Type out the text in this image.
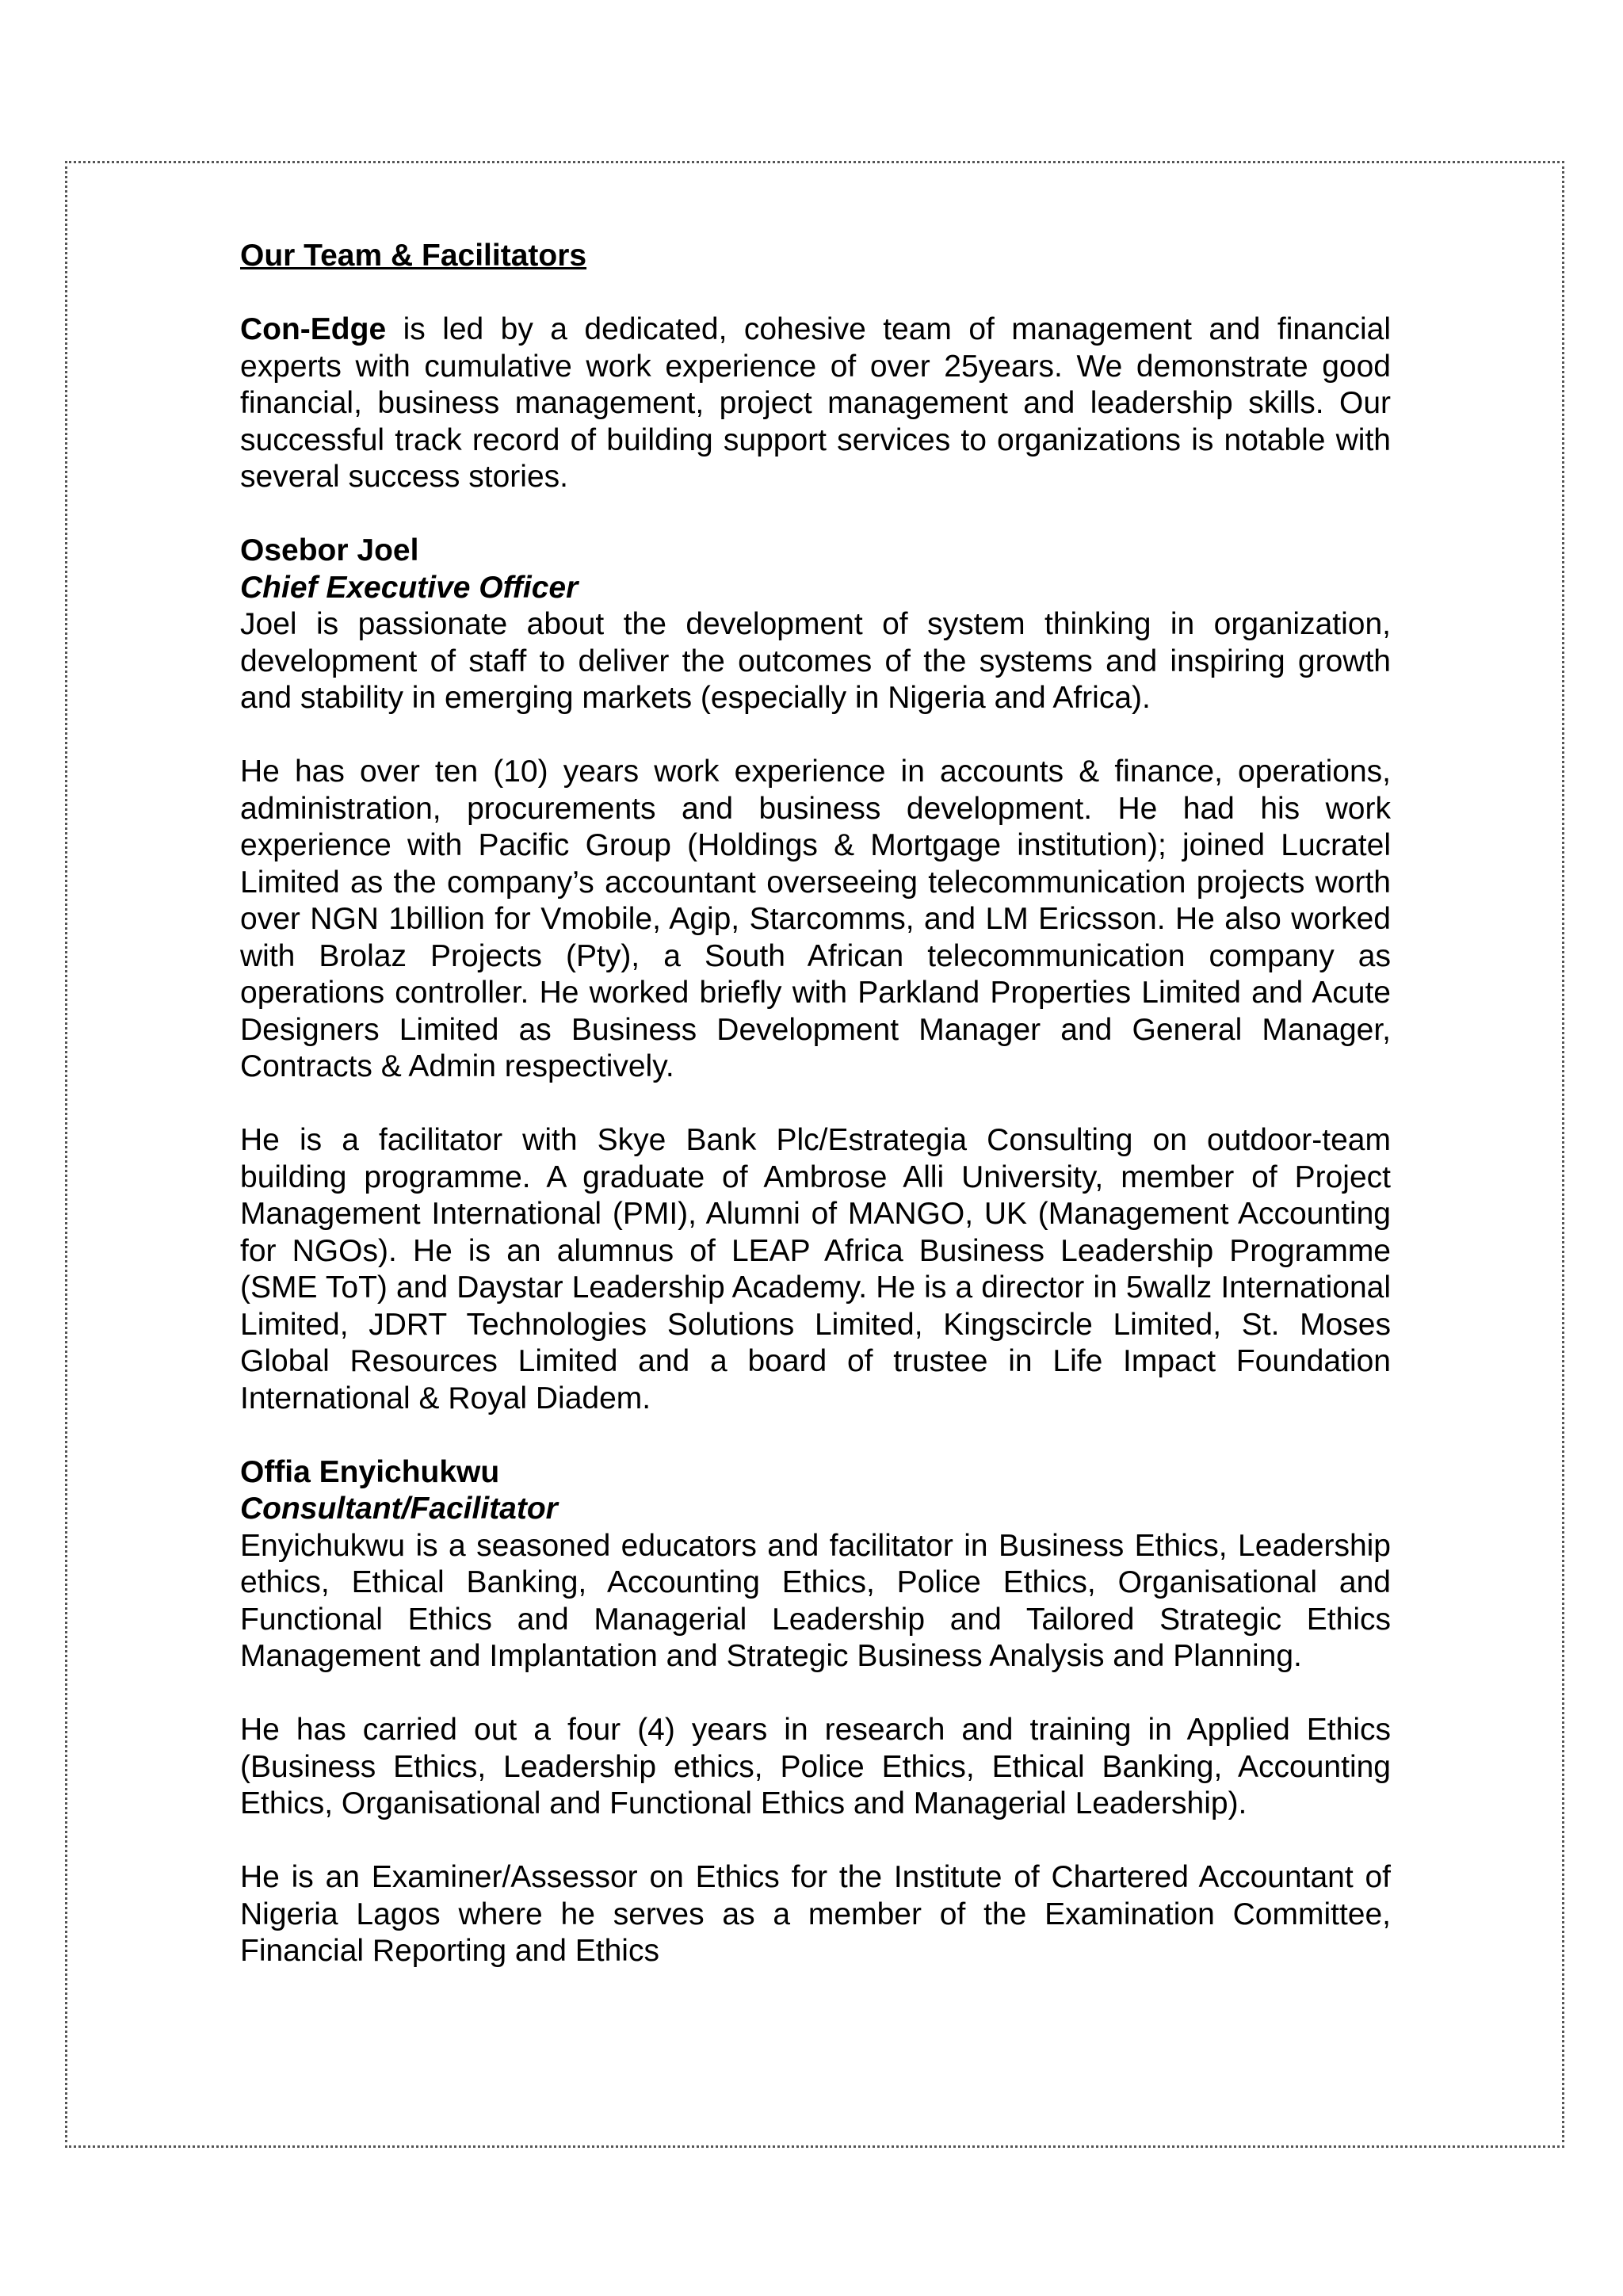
Our Team & Facilitators

Con-Edge is led by a dedicated, cohesive team of management and financial experts with cumulative work experience of over 25years. We demonstrate good financial, business management, project management and leadership skills. Our successful track record of building support services to organizations is notable with several success stories.

Osebor Joel

Chief Executive Officer

Joel is passionate about the development of system thinking in organization, development of staff to deliver the outcomes of the systems and inspiring growth and stability in emerging markets (especially in Nigeria and Africa).

He has over ten (10) years work experience in accounts & finance, operations, administration, procurements and business development. He had his work experience with Pacific Group (Holdings & Mortgage institution); joined Lucratel Limited as the company’s accountant overseeing telecommunication projects worth over NGN 1billion for Vmobile, Agip, Starcomms, and LM Ericsson. He also worked with Brolaz Projects (Pty), a South African telecommunication company as operations controller. He worked briefly with Parkland Properties Limited and Acute Designers Limited as Business Development Manager and General Manager, Contracts & Admin respectively.

He is a facilitator with Skye Bank Plc/Estrategia Consulting on outdoor-team building programme. A graduate of Ambrose Alli University, member of Project Management International (PMI), Alumni of MANGO, UK (Management Accounting for NGOs). He is an alumnus of LEAP Africa Business Leadership Programme (SME ToT) and Daystar Leadership Academy. He is a director in 5wallz International Limited, JDRT Technologies Solutions Limited, Kingscircle Limited, St. Moses Global Resources Limited and a board of trustee in Life Impact Foundation International & Royal Diadem.

Offia Enyichukwu

Consultant/Facilitator

Enyichukwu is a seasoned educators and facilitator in Business Ethics, Leadership ethics, Ethical Banking, Accounting Ethics, Police Ethics, Organisational and Functional Ethics and Managerial Leadership and Tailored Strategic Ethics Management and Implantation and Strategic Business Analysis and Planning.

He has carried out a four (4) years in research and training in Applied Ethics (Business Ethics, Leadership ethics, Police Ethics, Ethical Banking, Accounting Ethics, Organisational and Functional Ethics and Managerial Leadership).

He is an Examiner/Assessor on Ethics for the Institute of Chartered Accountant of Nigeria Lagos where he serves as a member of the Examination Committee, Financial Reporting and Ethics
